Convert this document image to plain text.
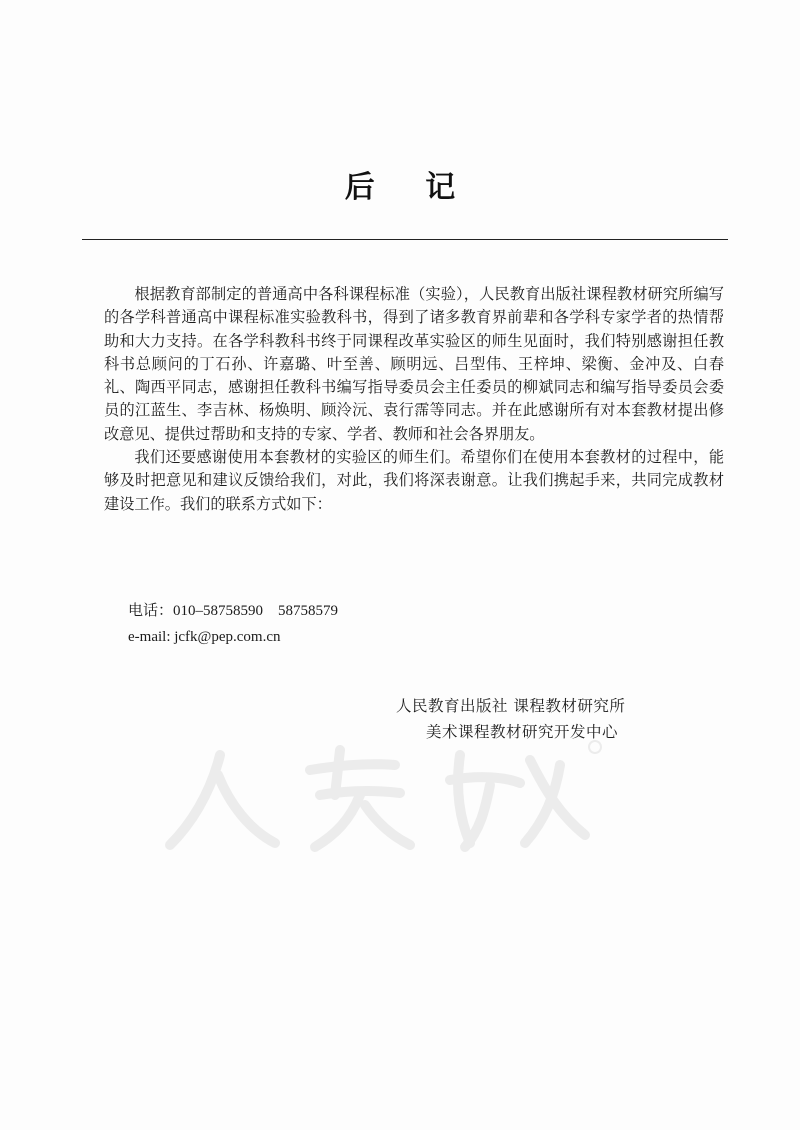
后 记

根据教育部制定的普通高中各科课程标准（实验），人民教育出版社课程教材研究所编写的各学科普通高中课程标准实验教科书，得到了诸多教育界前辈和各学科专家学者的热情帮助和大力支持。在各学科教科书终于同课程改革实验区的师生见面时，我们特别感谢担任教科书总顾问的丁石孙、许嘉璐、叶至善、顾明远、吕型伟、王梓坤、梁衡、金冲及、白春礼、陶西平同志，感谢担任教科书编写指导委员会主任委员的柳斌同志和编写指导委员会委员的江蓝生、李吉林、杨焕明、顾泠沅、袁行霈等同志。并在此感谢所有对本套教材提出修改意见、提供过帮助和支持的专家、学者、教师和社会各界朋友。

我们还要感谢使用本套教材的实验区的师生们。希望你们在使用本套教材的过程中，能够及时把意见和建议反馈给我们，对此，我们将深表谢意。让我们携起手来，共同完成教材建设工作。我们的联系方式如下：

电话：010–58758590    58758579
e-mail: jcfk@pep.com.cn
人民教育出版社 课程教材研究所
美术课程教材研究开发中心
